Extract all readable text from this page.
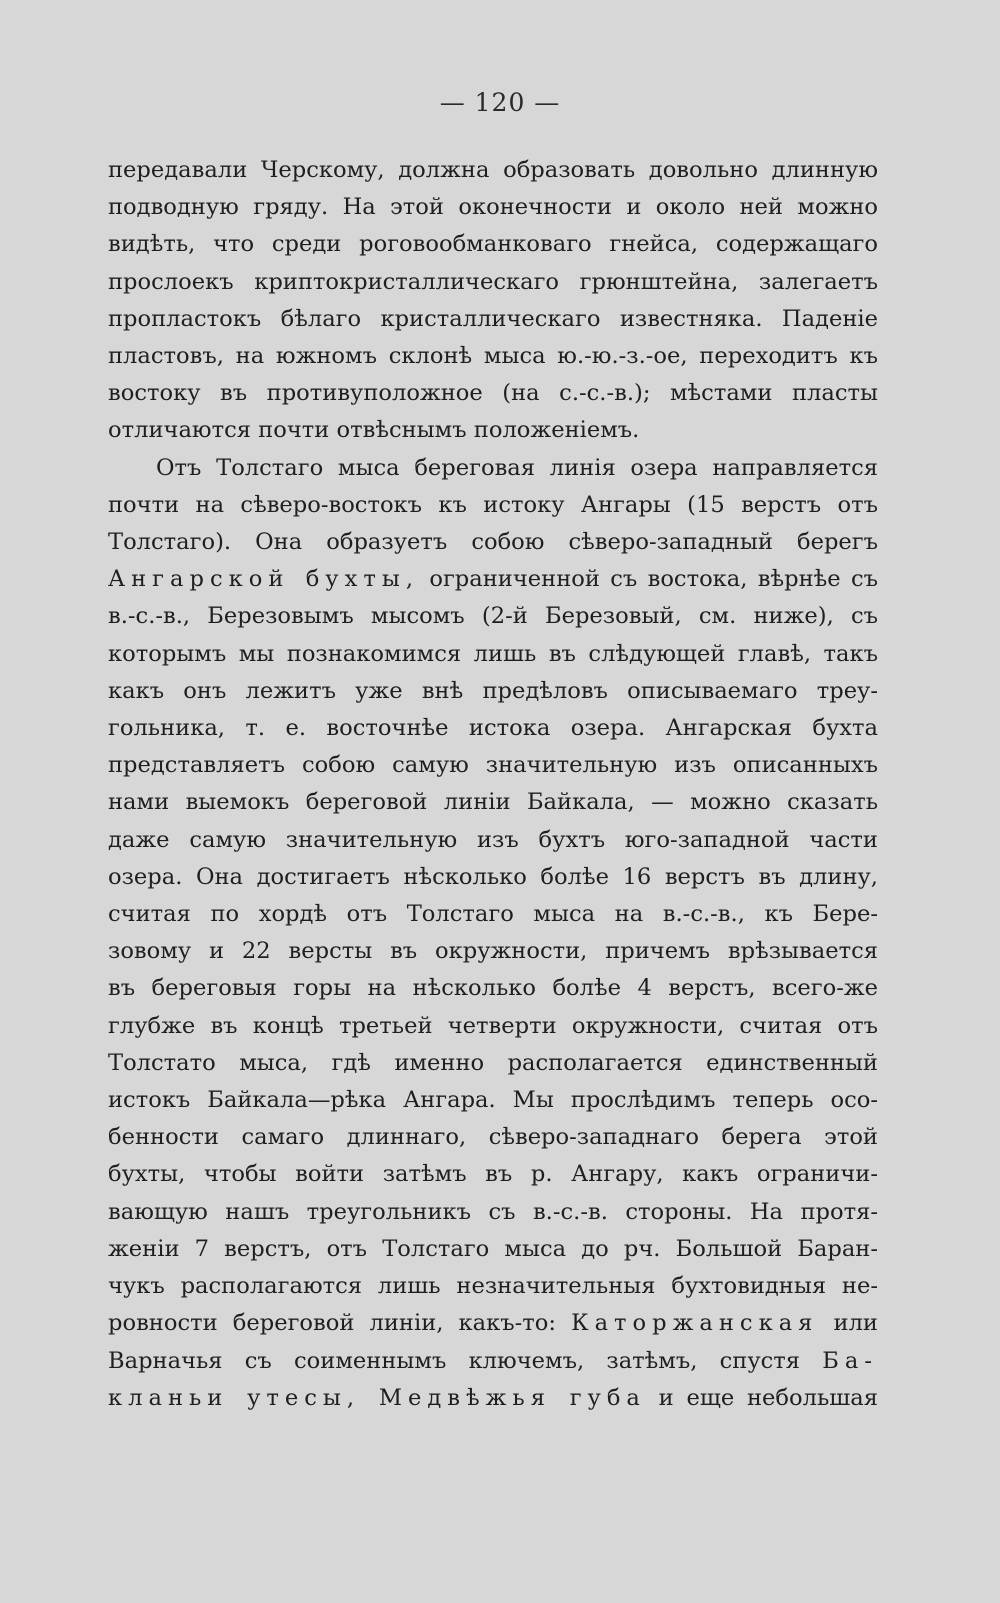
— 120 —
передавали Черскому, должна образовать довольно длинную
подводную гряду. На этой оконечности и около ней можно
видѣть, что среди роговообманковаго гнейса, содержащаго
прослоекъ криптокристаллическаго грюнштейна, залегаетъ
пропластокъ бѣлаго кристаллическаго известняка. Паденіе
пластовъ, на южномъ склонѣ мыса ю.-ю.-з.-ое, переходитъ къ
востоку въ противуположное (на с.-с.-в.); мѣстами пласты
отличаются почти отвѣснымъ положеніемъ.
Отъ Толстаго мыса береговая линія озера направляется
почти на сѣверо-востокъ къ истоку Ангары (15 верстъ отъ
Толстаго). Она образуетъ собою сѣверо-западный берегъ
Ангарской бухты, ограниченной съ востока, вѣрнѣе съ
в.-с.-в., Березовымъ мысомъ (2-й Березовый, см. ниже), съ
которымъ мы познакомимся лишь въ слѣдующей главѣ, такъ
какъ онъ лежитъ уже внѣ предѣловъ описываемаго треу-
гольника, т. е. восточнѣе истока озера. Ангарская бухта
представляетъ собою самую значительную изъ описанныхъ
нами выемокъ береговой линіи Байкала, — можно сказать
даже самую значительную изъ бухтъ юго-западной части
озера. Она достигаетъ нѣсколько болѣе 16 верстъ въ длину,
считая по хордѣ отъ Толстаго мыса на в.-с.-в., къ Бере-
зовому и 22 версты въ окружности, причемъ врѣзывается
въ береговыя горы на нѣсколько болѣе 4 верстъ, всего-же
глубже въ концѣ третьей четверти окружности, считая отъ
Толстато мыса, гдѣ именно располагается единственный
истокъ Байкала—рѣка Ангара. Мы прослѣдимъ теперь осо-
бенности самаго длиннаго, сѣверо-западнаго берега этой
бухты, чтобы войти затѣмъ въ р. Ангару, какъ ограничи-
вающую нашъ треугольникъ съ в.-с.-в. стороны. На протя-
женіи 7 верстъ, отъ Толстаго мыса до рч. Большой Баран-
чукъ располагаются лишь незначительныя бухтовидныя не-
ровности береговой линіи, какъ-то: Каторжанская или
Варначья съ соименнымъ ключемъ, затѣмъ, спустя Ба-
кланьи утесы, Медвѣжья губа и еще небольшая
